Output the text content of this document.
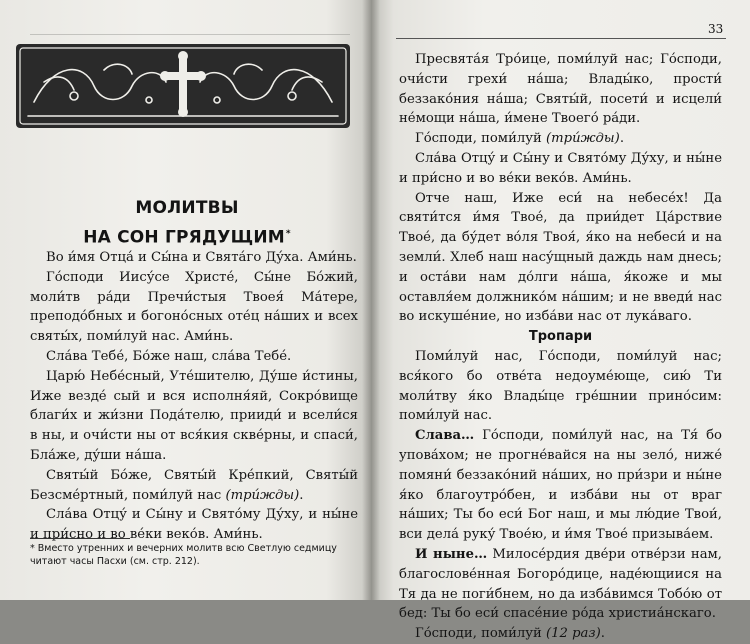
МОЛИТВЫ
НА СОН ГРЯДУЩИМ*

Во и́мя Отца́ и Сы́на и Свята́го Ду́ха. Ами́нь.

Го́споди Иису́се Христе́, Сы́не Бо́жий, моли́тв ра́ди Пречи́стыя Твоея́ Ма́тере, преподо́бных и богоно́сных оте́ц на́ших и всех святы́х, поми́луй нас. Ами́нь.

Сла́ва Тебе́, Бо́же наш, сла́ва Тебе́.

Царю́ Небе́сный, Уте́шителю, Ду́ше и́стины, Иже везде́ сый и вся исполня́яй, Сокро́вище благи́х и жи́зни Пода́телю, прииди́ и всели́ся в ны, и очи́сти ны от вся́кия скве́рны, и спаси́, Бла́же, ду́ши на́ша.

Святы́й Бо́же, Святы́й Кре́пкий, Святы́й Безсме́ртный, поми́луй нас (три́жды).

Сла́ва Отцу́ и Сы́ну и Свято́му Ду́ху, и ны́не и при́сно и во ве́ки веко́в. Ами́нь.

* Вместо утренних и вечерних молитв всю Светлую седмицу читают часы Пасхи (см. стр. 212).
33

Пресвята́я Тро́ице, поми́луй нас; Го́споди, очи́сти грехи́ на́ша; Влады́ко, прости́ беззако́ния на́ша; Святы́й, посети́ и исцели́ не́мощи на́ша, и́мене Твоего́ ра́ди.

Го́споди, поми́луй (три́жды).

Сла́ва Отцу́ и Сы́ну и Свято́му Ду́ху, и ны́не и при́сно и во ве́ки веко́в. Ами́нь.

Отче наш, Иже еси́ на небесе́х! Да святи́тся и́мя Твое́, да прии́дет Ца́рствие Твое́, да бу́дет во́ля Твоя́, я́ко на небеси́ и на земли́. Хлеб наш насу́щный даждь нам днесь; и оста́ви нам до́лги на́ша, я́коже и мы оставля́ем должнико́м на́шим; и не введи́ нас во искуше́ние, но изба́ви нас от лука́ваго.

Тропари

Поми́луй нас, Го́споди, поми́луй нас; вся́кого бо отве́та недоуме́юще, сию́ Ти моли́тву я́ко Влады́це гре́шнии прино́сим: поми́луй нас.

Слава… Го́споди, поми́луй нас, на Тя́ бо упова́хом; не прогне́вайся на ны зело́, ниже́ помяни́ беззако́ний на́ших, но при́зри и ны́не я́ко благоутро́бен, и изба́ви ны от враг на́ших; Ты бо еси́ Бог наш, и мы лю́дие Твои́, вси дела́ руку́ Твое́ю, и и́мя Твое́ призыва́ем.

И ныне… Милосе́рдия две́ри отве́рзи нам, благослове́нная Богоро́дице, наде́ющиися на Тя да не поги́бнем, но да изба́вимся Тобо́ю от бед: Ты бо еси́ спасе́ние ро́да христиа́нскаго.

Го́споди, поми́луй (12 раз).
